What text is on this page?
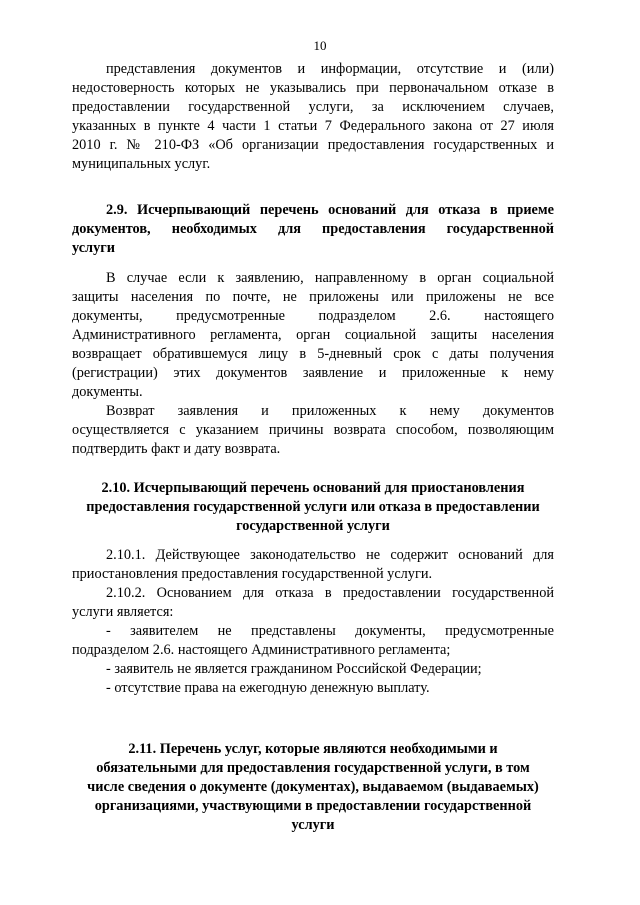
10
представления документов и информации, отсутствие и (или)
недостоверность которых не указывались при первоначальном отказе в
предоставлении государственной услуги, за исключением случаев,
указанных в пункте 4 части 1 статьи 7 Федерального закона от 27 июля
2010 г. № 210-ФЗ «Об организации предоставления государственных и
муниципальных услуг.
2.9. Исчерпывающий перечень оснований для отказа в приеме
документов, необходимых для предоставления государственной
услуги
В случае если к заявлению, направленному в орган социальной
защиты населения по почте, не приложены или приложены не все
документы, предусмотренные подразделом 2.6. настоящего
Административного регламента, орган социальной защиты населения
возвращает обратившемуся лицу в 5-дневный срок с даты получения
(регистрации) этих документов заявление и приложенные к нему
документы.
Возврат заявления и приложенных к нему документов
осуществляется с указанием причины возврата способом, позволяющим
подтвердить факт и дату возврата.
2.10. Исчерпывающий перечень оснований для приостановления
предоставления государственной услуги или отказа в предоставлении
государственной услуги
2.10.1. Действующее законодательство не содержит оснований для
приостановления предоставления государственной услуги.
2.10.2. Основанием для отказа в предоставлении государственной
услуги является:
- заявителем не представлены документы, предусмотренные
подразделом 2.6. настоящего Административного регламента;
- заявитель не является гражданином Российской Федерации;
- отсутствие права на ежегодную денежную выплату.
2.11. Перечень услуг, которые являются необходимыми и
обязательными для предоставления государственной услуги, в том
числе сведения о документе (документах), выдаваемом (выдаваемых)
организациями, участвующими в предоставлении государственной
услуги
